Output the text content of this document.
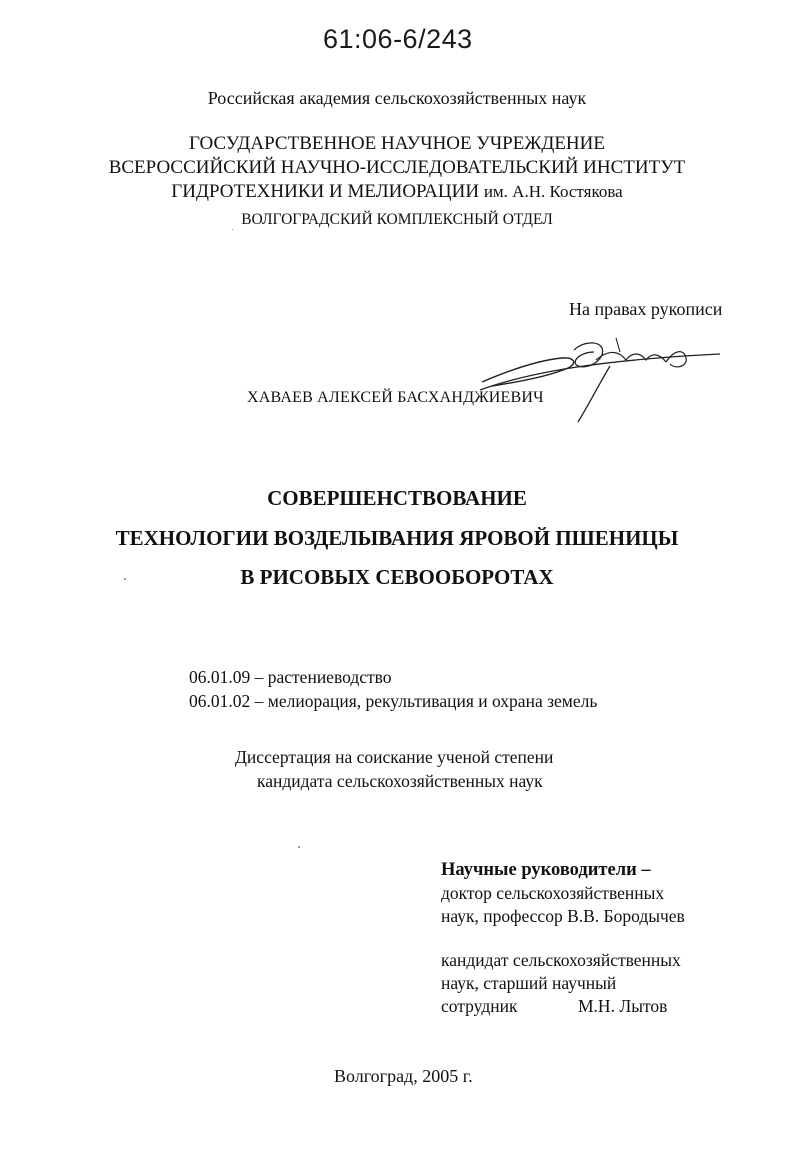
61:06-6/243
Российская академия сельскохозяйственных наук
ГОСУДАРСТВЕННОЕ НАУЧНОЕ УЧРЕЖДЕНИЕ
ВСЕРОССИЙСКИЙ НАУЧНО-ИССЛЕДОВАТЕЛЬСКИЙ ИНСТИТУТ
ГИДРОТЕХНИКИ И МЕЛИОРАЦИИ им. А.Н. Костякова
ВОЛГОГРАДСКИЙ КОМПЛЕКСНЫЙ ОТДЕЛ
На правах рукописи
ХАВАЕВ АЛЕКСЕЙ БАСХАНДЖИЕВИЧ
СОВЕРШЕНСТВОВАНИЕ
ТЕХНОЛОГИИ ВОЗДЕЛЫВАНИЯ ЯРОВОЙ ПШЕНИЦЫ
В РИСОВЫХ СЕВООБОРОТАХ
06.01.09 – растениеводство
06.01.02 – мелиорация, рекультивация и охрана земель
Диссертация на соискание ученой степени
кандидата сельскохозяйственных наук
Научные руководители –
доктор сельскохозяйственных
наук, профессор В.В. Бородычев
кандидат сельскохозяйственных
наук, старший научный
сотрудник	М.Н. Лытов
Волгоград, 2005 г.
